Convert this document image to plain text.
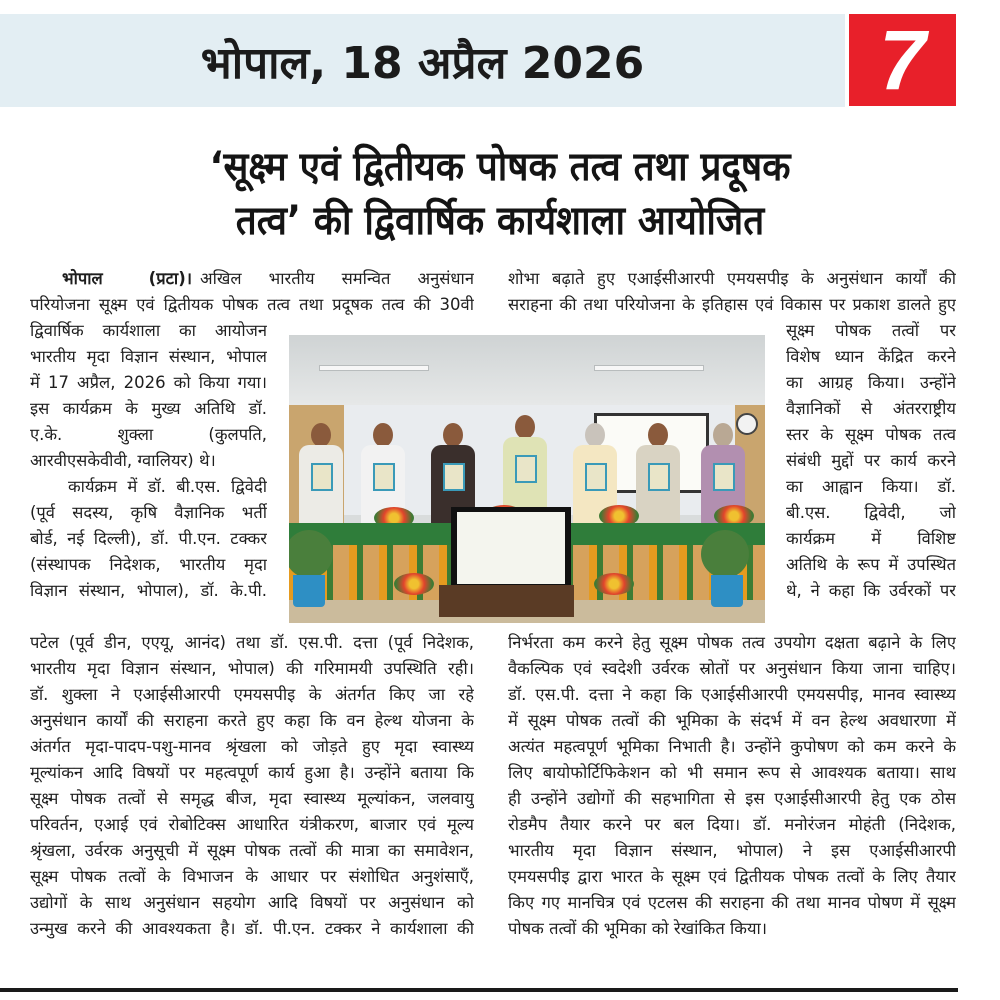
भोपाल, 18 अप्रैल 2026	7
‘सूक्ष्म एवं द्वितीयक पोषक तत्व तथा प्रदूषक
तत्व’ की द्विवार्षिक कार्यशाला आयोजित
भोपाल (प्रटा)। अखिल भारतीय समन्वित अनुसंधान
परियोजना सूक्ष्म एवं द्वितीयक पोषक तत्व तथा प्रदूषक तत्व की 30वी
द्विवार्षिक कार्यशाला का आयोजन
भारतीय मृदा विज्ञान संस्थान, भोपाल
में 17 अप्रैल, 2026 को किया गया।
इस कार्यक्रम के मुख्य अतिथि डॉ.
ए.के. शुक्ला (कुलपति,
आरवीएसकेवीवी, ग्वालियर) थे।
कार्यक्रम में डॉ. बी.एस. द्विवेदी
(पूर्व सदस्य, कृषि वैज्ञानिक भर्ती
बोर्ड, नई दिल्ली), डॉ. पी.एन. टक्कर
(संस्थापक निदेशक, भारतीय मृदा
विज्ञान संस्थान, भोपाल), डॉ. के.पी.
पटेल (पूर्व डीन, एएयू, आनंद) तथा डॉ. एस.पी. दत्ता (पूर्व निदेशक,
भारतीय मृदा विज्ञान संस्थान, भोपाल) की गरिमामयी उपस्थिति रही।
डॉ. शुक्ला ने एआईसीआरपी एमयसपीइ के अंतर्गत किए जा रहे
अनुसंधान कार्यों की सराहना करते हुए कहा कि वन हेल्थ योजना के
अंतर्गत मृदा-पादप-पशु-मानव श्रृंखला को जोड़ते हुए मृदा स्वास्थ्य
मूल्यांकन आदि विषयों पर महत्वपूर्ण कार्य हुआ है। उन्होंने बताया कि
सूक्ष्म पोषक तत्वों से समृद्ध बीज, मृदा स्वास्थ्य मूल्यांकन, जलवायु
परिवर्तन, एआई एवं रोबोटिक्स आधारित यंत्रीकरण, बाजार एवं मूल्य
श्रृंखला, उर्वरक अनुसूची में सूक्ष्म पोषक तत्वों की मात्रा का समावेशन,
सूक्ष्म पोषक तत्वों के विभाजन के आधार पर संशोधित अनुशंसाएँ,
उद्योगों के साथ अनुसंधान सहयोग आदि विषयों पर अनुसंधान को
उन्मुख करने की आवश्यकता है। डॉ. पी.एन. टक्कर ने कार्यशाला की
शोभा बढ़ाते हुए एआईसीआरपी एमयसपीइ के अनुसंधान कार्यों की
सराहना की तथा परियोजना के इतिहास एवं विकास पर प्रकाश डालते हुए
सूक्ष्म पोषक तत्वों पर
विशेष ध्यान केंद्रित करने
का आग्रह किया। उन्होंने
वैज्ञानिकों से अंतरराष्ट्रीय
स्तर के सूक्ष्म पोषक तत्व
संबंधी मुद्दों पर कार्य करने
का आह्वान किया। डॉ.
बी.एस. द्विवेदी, जो
कार्यक्रम में विशिष्ट
अतिथि के रूप में उपस्थित
थे, ने कहा कि उर्वरकों पर
निर्भरता कम करने हेतु सूक्ष्म पोषक तत्व उपयोग दक्षता बढ़ाने के लिए
वैकल्पिक एवं स्वदेशी उर्वरक स्रोतों पर अनुसंधान किया जाना चाहिए।
डॉ. एस.पी. दत्ता ने कहा कि एआईसीआरपी एमयसपीइ, मानव स्वास्थ्य
में सूक्ष्म पोषक तत्वों की भूमिका के संदर्भ में वन हेल्थ अवधारणा में
अत्यंत महत्वपूर्ण भूमिका निभाती है। उन्होंने कुपोषण को कम करने के
लिए बायोफोर्टिफिकेशन को भी समान रूप से आवश्यक बताया। साथ
ही उन्होंने उद्योगों की सहभागिता से इस एआईसीआरपी हेतु एक ठोस
रोडमैप तैयार करने पर बल दिया। डॉ. मनोरंजन मोहंती (निदेशक,
भारतीय मृदा विज्ञान संस्थान, भोपाल) ने इस एआईसीआरपी
एमयसपीइ द्वारा भारत के सूक्ष्म एवं द्वितीयक पोषक तत्वों के लिए तैयार
किए गए मानचित्र एवं एटलस की सराहना की तथा मानव पोषण में सूक्ष्म
पोषक तत्वों की भूमिका को रेखांकित किया।
